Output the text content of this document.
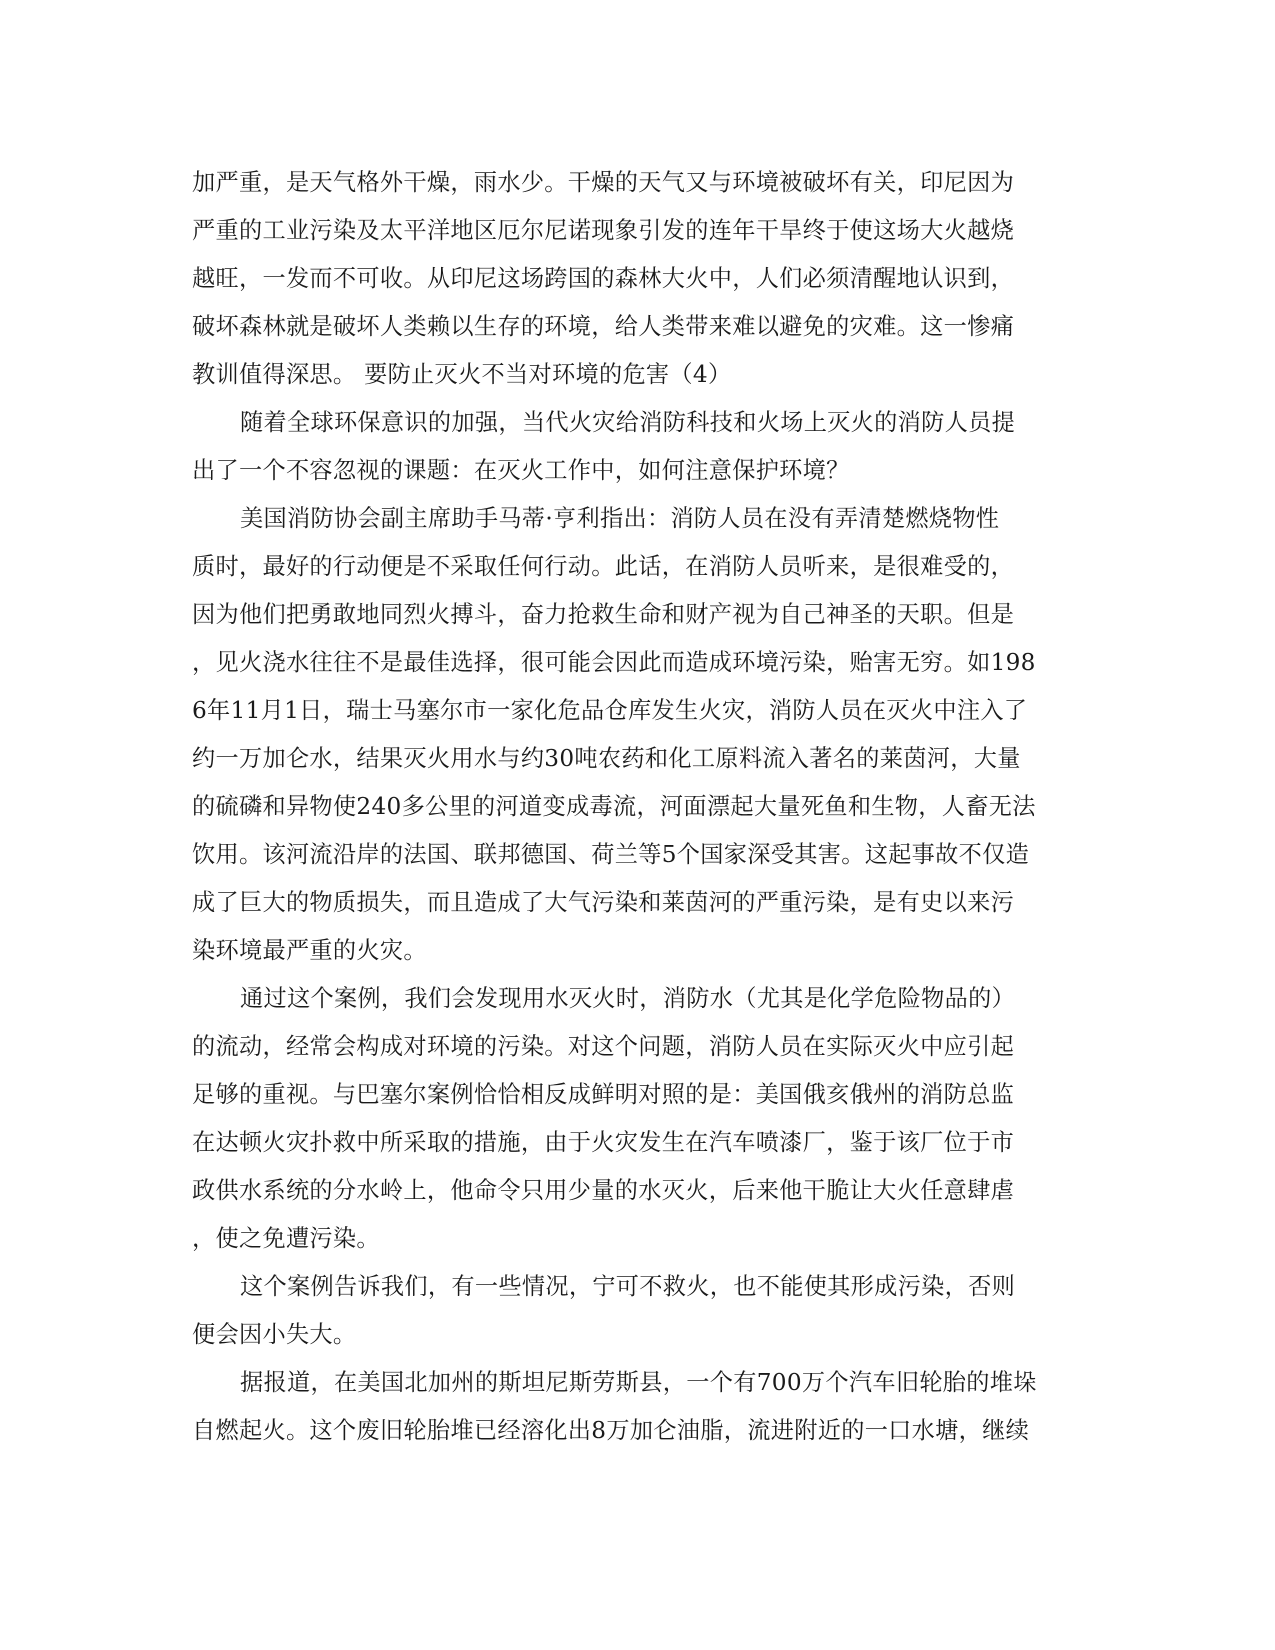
加严重，是天气格外干燥，雨水少。干燥的天气又与环境被破坏有关，印尼因为
严重的工业污染及太平洋地区厄尔尼诺现象引发的连年干旱终于使这场大火越烧
越旺，一发而不可收。从印尼这场跨国的森林大火中，人们必须清醒地认识到，
破坏森林就是破坏人类赖以生存的环境，给人类带来难以避免的灾难。这一惨痛
教训值得深思。 要防止灭火不当对环境的危害（4）
随着全球环保意识的加强，当代火灾给消防科技和火场上灭火的消防人员提
出了一个不容忽视的课题：在灭火工作中，如何注意保护环境？
美国消防协会副主席助手马蒂·亨利指出：消防人员在没有弄清楚燃烧物性
质时，最好的行动便是不采取任何行动。此话，在消防人员听来，是很难受的，
因为他们把勇敢地同烈火搏斗，奋力抢救生命和财产视为自己神圣的天职。但是
，见火浇水往往不是最佳选择，很可能会因此而造成环境污染，贻害无穷。如198
6年11月1日，瑞士马塞尔市一家化危品仓库发生火灾，消防人员在灭火中注入了
约一万加仑水，结果灭火用水与约30吨农药和化工原料流入著名的莱茵河，大量
的硫磷和异物使240多公里的河道变成毒流，河面漂起大量死鱼和生物，人畜无法
饮用。该河流沿岸的法国、联邦德国、荷兰等5个国家深受其害。这起事故不仅造
成了巨大的物质损失，而且造成了大气污染和莱茵河的严重污染，是有史以来污
染环境最严重的火灾。
通过这个案例，我们会发现用水灭火时，消防水（尤其是化学危险物品的）
的流动，经常会构成对环境的污染。对这个问题，消防人员在实际灭火中应引起
足够的重视。与巴塞尔案例恰恰相反成鲜明对照的是：美国俄亥俄州的消防总监
在达顿火灾扑救中所采取的措施，由于火灾发生在汽车喷漆厂，鉴于该厂位于市
政供水系统的分水岭上，他命令只用少量的水灭火，后来他干脆让大火任意肆虐
，使之免遭污染。
这个案例告诉我们，有一些情况，宁可不救火，也不能使其形成污染，否则
便会因小失大。
据报道，在美国北加州的斯坦尼斯劳斯县，一个有700万个汽车旧轮胎的堆垛
自燃起火。这个废旧轮胎堆已经溶化出8万加仑油脂，流进附近的一口水塘，继续
